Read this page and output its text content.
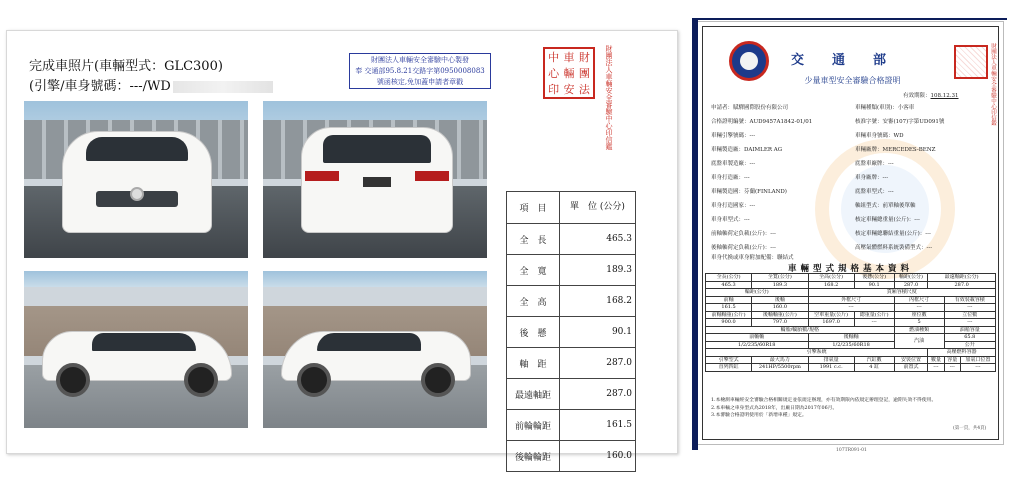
完成車照片(車輛型式：GLC300)
(引擎/車身號碼：---/WD
財團法人車輛安全審驗中心製發
奉 交通部95.8.21交路字第0950008083
號函核定,免加蓋申請者章戳
中 車 財
心 輛 團
印 安 法	財團法人車輛安全審驗中心印信鑑
項　目	單　位 (公分)
全　長	465.3
全　寬	189.3
全　高	168.2
後　懸	90.1
軸　距	287.0
最遠軸距	287.0
前輪輪距	161.5
後輪輪距	160.0
交通部
少量車型安全審驗合格證明	財團法人車輛安全審驗中心印信鑑
有效期限：108.12.31
申請者：賦驛國際股份有限公司
合格證明編號：AUD9457A1842-01/01
車輛引擎號碼：---
車輛製造廠：DAIMLER AG
底盤車製造廠：---
車身打造廠：---
車輛製造國：芬蘭(FINLAND)
車身打造國家：---
車身車型式：---
前軸軸荷定負載(公斤)：---
後軸軸荷定負載(公斤)：---
車身代換或車身附加配備：聯結式
車輛種類(車別)：小客車
核准字號：安審(107)字第UD091號
車輛車身號碼：WD
車輛廠牌：MERCEDES-BENZ
底盤車廠牌：---
車身廠牌：---
底盤車型式：---
軸組型式：前單軸後單軸
核定車輛總重量(公斤)：---
核定車輛總聯結重量(公斤)：---
高壓氣體燃料系統裝備型式：---
車輛型式規格基本資料
全長(公分)	全寬(公分)	全高(公分)	後懸(公分)	軸距(公分)	最遠軸距(公分)		
465.3	189.3	168.2	90.1	287.0	287.0		
輪距(公分)		貨廂容積尺度					
前軸	後軸	外框尺寸		內框尺寸		有效裝載容積	
161.5	160.0	---		---		---	
前軸軸重(公斤)	後軸軸重(公斤)	空車重量(公斤)	總重量(公斤)	座位數		立位數	
900.0	797.0	1697.0	---	5		---	
輪胎/輪胎數/規格				燃油種類		油箱容量	
前軸軸		後軸軸		汽油		65.8	
1/2/235/60R18		1/2/235/60R18				公升	
引擎系統					高壓燃料容器		
引擎型式	最大馬力	排氣量	汽缸數	安裝位置	數量	容量	加氣口位置
直列四缸	241HP/5500rpm	1991 c.c.	4 缸	前置式	---	---	---
1.本檢測車輛經安全審驗合格相關規定並依規定辦理，亦有效期限內依規定辦理登記，逾期失效不得使用。
2.本車輛之車身型式為2018年，出廠日期為2017年06月。
3.本審驗合格證明使用於「新增車種」規定。
(第一頁，共4頁)
107TR091-01
